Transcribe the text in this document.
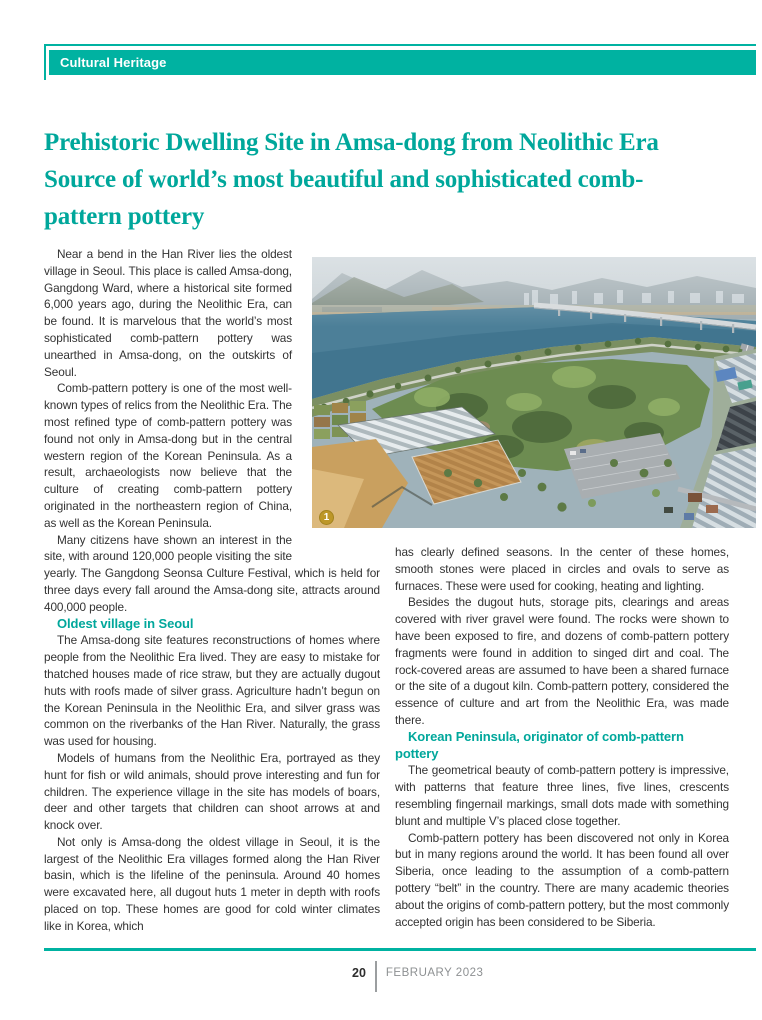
Cultural Heritage
Prehistoric Dwelling Site in Amsa-dong from Neolithic Era
Source of world’s most beautiful and sophisticated comb-
pattern pottery
1

Near a bend in the Han River lies the oldest village in Seoul. This place is called Amsa-dong, Gangdong Ward, where a historical site formed 6,000 years ago, during the Neolithic Era, can be found. It is marvelous that the world’s most sophisticated comb-pattern pottery was unearthed in Amsa-dong, on the outskirts of Seoul.

Comb-pattern pottery is one of the most well-known types of relics from the Neolithic Era. The most refined type of comb-pattern pottery was found not only in Amsa-dong but in the central western region of the Korean Peninsula. As a result, archaeologists now believe that the culture of creating comb-pattern pottery originated in the northeastern region of China, as well as the Korean Peninsula.

Many citizens have shown an interest in the site, with around 120,000 people visiting the site yearly. The Gangdong Seonsa Culture Festival, which is held for three days every fall around the Amsa-dong site, attracts around 400,000 people.

Oldest village in Seoul

The Amsa-dong site features reconstructions of homes where people from the Neolithic Era lived. They are easy to mistake for thatched houses made of rice straw, but they are actually dugout huts with roofs made of silver grass. Agriculture hadn’t begun on the Korean Peninsula in the Neolithic Era, and silver grass was common on the riverbanks of the Han River. Naturally, the grass was used for housing.

Models of humans from the Neolithic Era, portrayed as they hunt for fish or wild animals, should prove interesting and fun for children. The experience village in the site has models of boars, deer and other targets that children can shoot arrows at and knock over.

Not only is Amsa-dong the oldest village in Seoul, it is the largest of the Neolithic Era villages formed along the Han River basin, which is the lifeline of the peninsula. Around 40 homes were excavated here, all dugout huts 1 meter in depth with roofs placed on top. These homes are good for cold winter climates like in Korea, which

has clearly defined seasons. In the center of these homes, smooth stones were placed in circles and ovals to serve as furnaces. These were used for cooking, heating and lighting.

Besides the dugout huts, storage pits, clearings and areas covered with river gravel were found. The rocks were shown to have been exposed to fire, and dozens of comb-pattern pottery fragments were found in addition to singed dirt and coal. The rock-covered areas are assumed to have been a shared furnace or the site of a dugout kiln. Comb-pattern pottery, considered the essence of culture and art from the Neolithic Era, was made there.

Korean Peninsula, originator of comb-pattern pottery

The geometrical beauty of comb-pattern pottery is impressive, with patterns that feature three lines, five lines, crescents resembling fingernail markings, small dots made with something blunt and multiple V’s placed close together.

Comb-pattern pottery has been discovered not only in Korea but in many regions around the world. It has been found all over Siberia, once leading to the assumption of a comb-pattern pottery “belt” in the country. There are many academic theories about the origins of comb-pattern pottery, but the most commonly accepted origin has been considered to be Siberia.

20 FEBRUARY 2023
